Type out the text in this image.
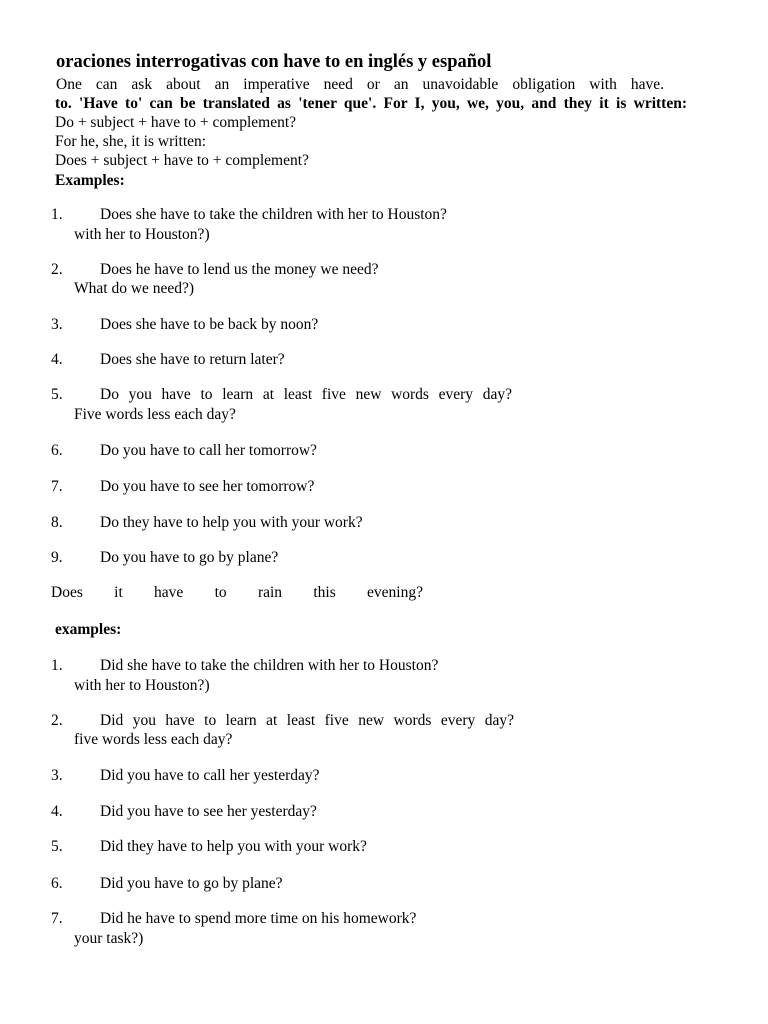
oraciones interrogativas con have to en inglés y español
One can ask about an imperative need or an unavoidable obligation with have.
to. 'Have to' can be translated as 'tener que'. For I, you, we, you, and they it is written:
Do + subject + have to + complement?
For he, she, it is written:
Does + subject + have to + complement?
Examples:
1. Does she have to take the children with her to Houston?
with her to Houston?)
2. Does he have to lend us the money we need?
What do we need?)
3. Does she have to be back by noon?
4. Does she have to return later?
5. Do you have to learn at least five new words every day?
Five words less each day?
6. Do you have to call her tomorrow?
7. Do you have to see her tomorrow?
8. Do they have to help you with your work?
9. Do you have to go by plane?
Does it have to rain this evening?
examples:
1. Did she have to take the children with her to Houston?
with her to Houston?)
2. Did you have to learn at least five new words every day?
five words less each day?
3. Did you have to call her yesterday?
4. Did you have to see her yesterday?
5. Did they have to help you with your work?
6. Did you have to go by plane?
7. Did he have to spend more time on his homework?
your task?)
